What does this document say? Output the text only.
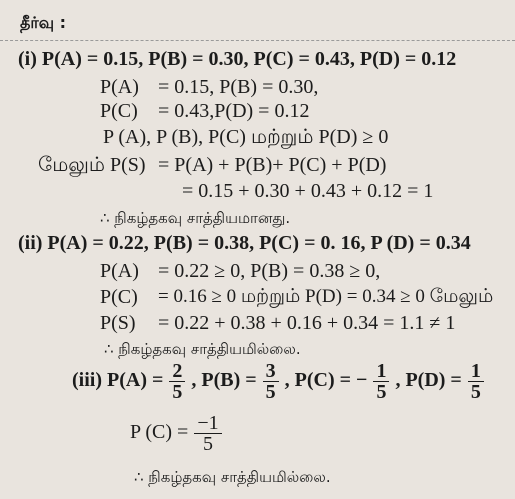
தீர்வு :
(i) P(A) = 0.15, P(B) = 0.30, P(C) = 0.43, P(D) = 0.12
P(A) = 0.15, P(B) = 0.30,
P(C) = 0.43,P(D) = 0.12
P (A), P (B), P(C) மற்றும் P(D) ≥ 0
மேலும் P(S) = P(A) + P(B)+ P(C) + P(D)
= 0.15 + 0.30 + 0.43 + 0.12 = 1
∴ நிகழ்தகவு சாத்தியமானது.
(ii) P(A) = 0.22, P(B) = 0.38, P(C) = 0. 16, P (D) = 0.34
P(A) = 0.22 ≥ 0, P(B) = 0.38 ≥ 0,
P(C) = 0.16 ≥ 0 மற்றும் P(D) = 0.34 ≥ 0 மேலும்
P(S) = 0.22 + 0.38 + 0.16 + 0.34 = 1.1 ≠ 1
∴ நிகழ்தகவு சாத்தியமில்லை.
(iii) $P(A) = \frac{2}{5}$ , $P(B) = \frac{3}{5}$ , P(C) = − $\frac{1}{5}$ , $P(D) = \frac{1}{5}$
P $(C) = \frac{-1}{5}$
∴ நிகழ்தகவு சாத்தியமில்லை.
